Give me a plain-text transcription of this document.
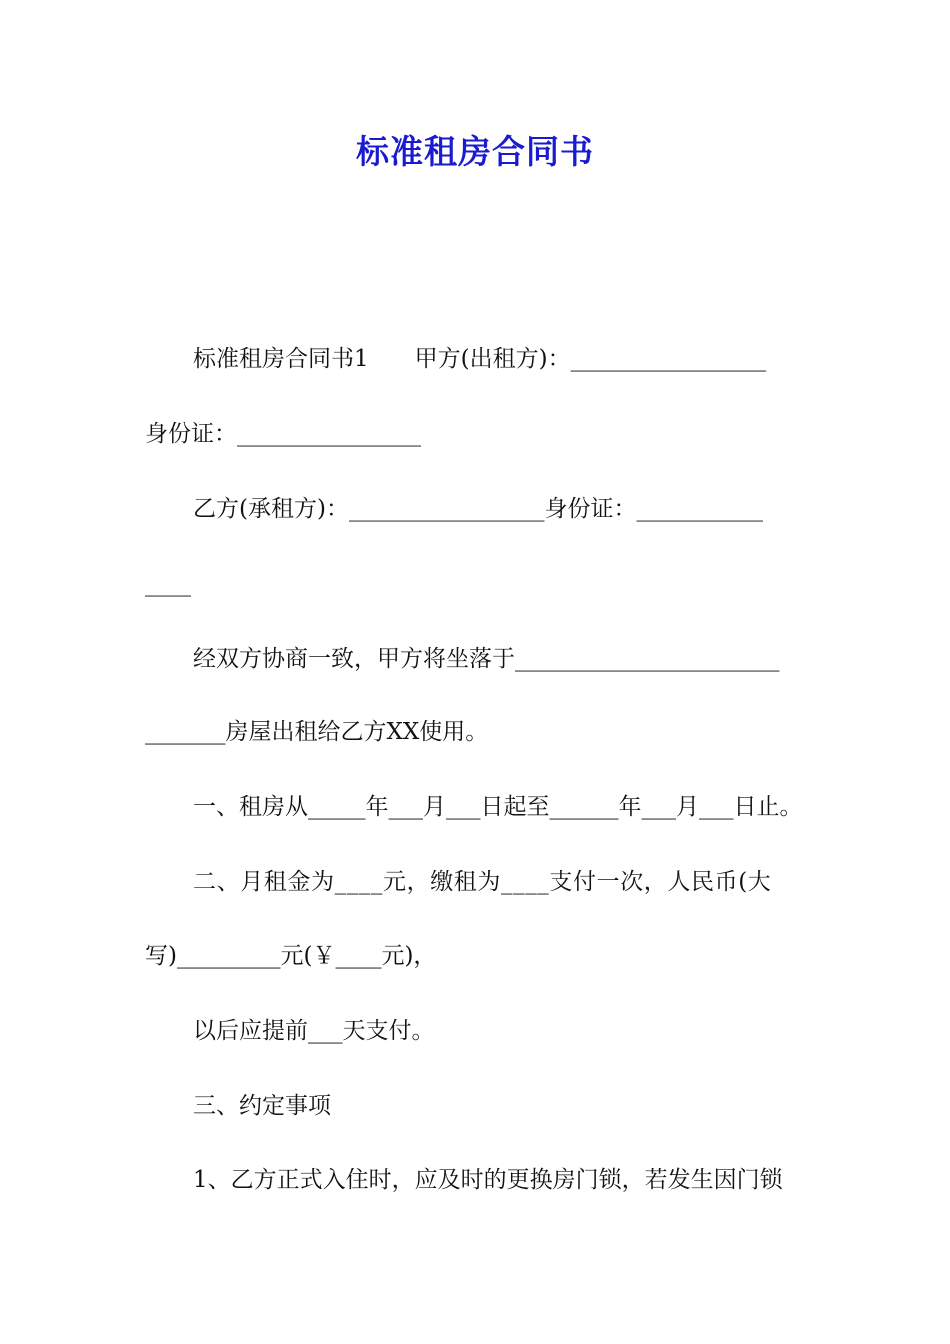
标准租房合同书
标准租房合同书1　　甲方(出租方)：_________________
身份证：________________
乙方(承租方)：_________________身份证：___________
____
经双方协商一致，甲方将坐落于_______________________
_______房屋出租给乙方XX使用。
一、租房从_____年___月___日起至______年___月___日止。
二、月租金为____元，缴租为____支付一次，人民币(大
写)_________元(￥____元)，
以后应提前___天支付。
三、约定事项
1、乙方正式入住时，应及时的更换房门锁，若发生因门锁
